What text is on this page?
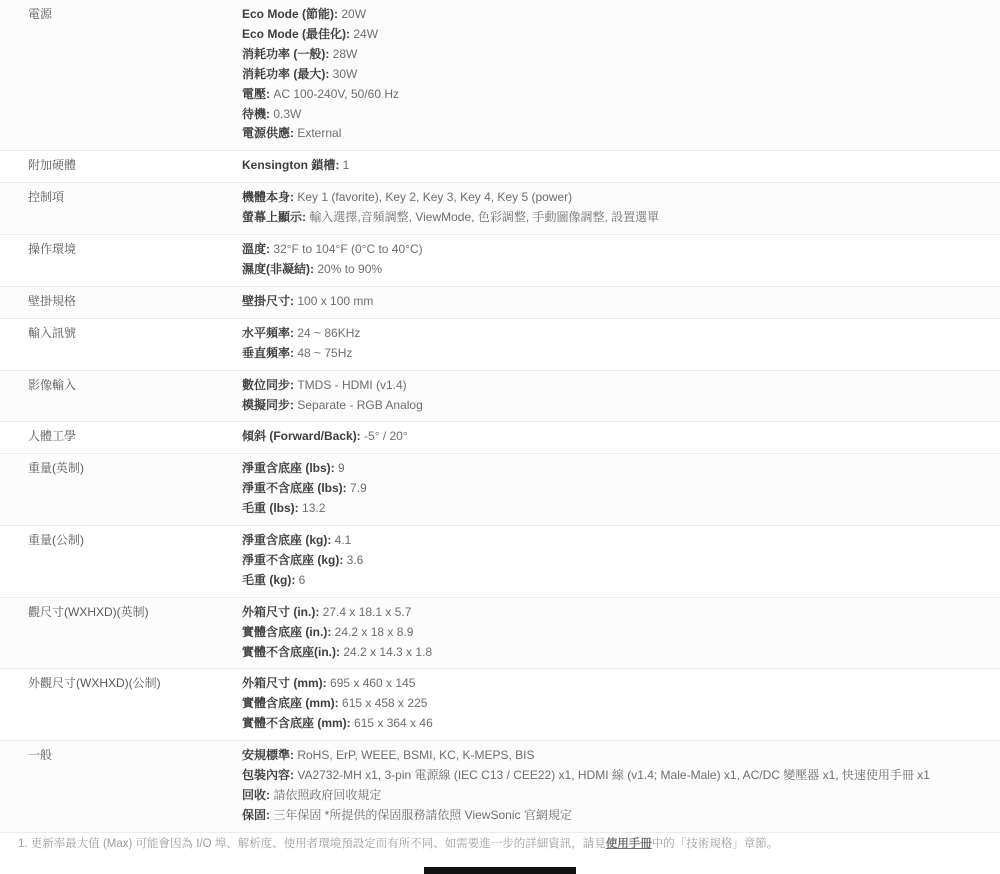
電源	Eco Mode (節能): 20W
Eco Mode (最佳化): 24W
消耗功率 (一般): 28W
消耗功率 (最大): 30W
電壓: AC 100-240V, 50/60 Hz
待機: 0.3W
電源供應: External
附加硬體	Kensington 鎖槽: 1
控制項	機體本身: Key 1 (favorite), Key 2, Key 3, Key 4, Key 5 (power)
螢幕上顯示: 輸入選擇,音頻調整, ViewMode, 色彩調整, 手動圖像調整, 設置選單
操作環境	溫度: 32°F to 104°F (0°C to 40°C)
濕度(非凝結): 20% to 90%
壁掛規格	壁掛尺寸: 100 x 100 mm
輸入訊號	水平頻率: 24 ~ 86KHz
垂直頻率: 48 ~ 75Hz
影像輸入	數位同步: TMDS - HDMI (v1.4)
模擬同步: Separate - RGB Analog
人體工學	傾斜 (Forward/Back): -5° / 20°
重量(英制)	淨重含底座 (lbs): 9
淨重不含底座 (lbs): 7.9
毛重 (lbs): 13.2
重量(公制)	淨重含底座 (kg): 4.1
淨重不含底座 (kg): 3.6
毛重 (kg): 6
觀尺寸(WXHXD)(英制)	外箱尺寸 (in.): 27.4 x 18.1 x 5.7
實體含底座 (in.): 24.2 x 18 x 8.9
實體不含底座(in.): 24.2 x 14.3 x 1.8
外觀尺寸(WXHXD)(公制)	外箱尺寸 (mm): 695 x 460 x 145
實體含底座 (mm): 615 x 458 x 225
實體不含底座 (mm): 615 x 364 x 46
一般	安規標準: RoHS, ErP, WEEE, BSMI, KC, K-MEPS, BIS
包裝內容: VA2732-MH x1, 3-pin 電源線 (IEC C13 / CEE22) x1, HDMI 線 (v1.4; Male-Male) x1, AC/DC 變壓器 x1, 快速使用手冊 x1
回收: 請依照政府回收規定
保固: 三年保固 *所提供的保固服務請依照 ViewSonic 官網規定
1. 更新率最大值 (Max) 可能會因為 I/O 埠、解析度、使用者環境預設定而有所不同、如需要進一步的詳細資訊，請見使用手冊中的「技術規格」章節。
